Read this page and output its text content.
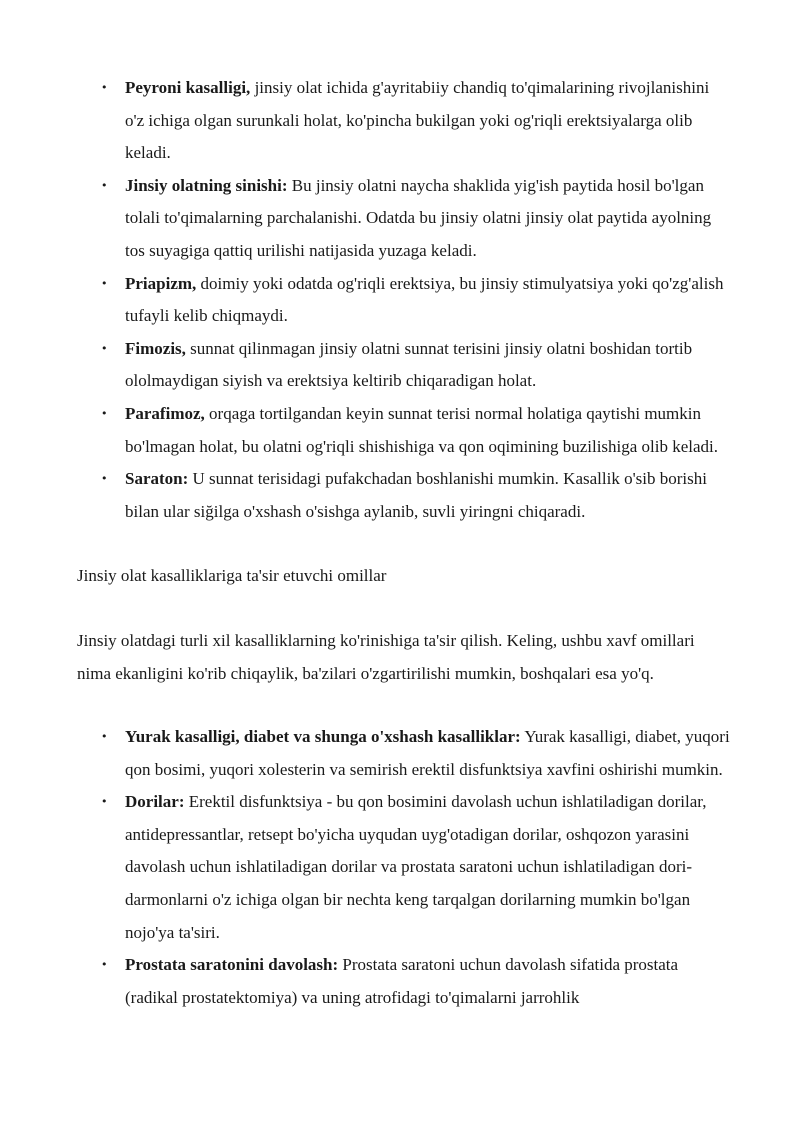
• Peyroni kasalligi, jinsiy olat ichida g'ayritabiiy chandiq to'qimalarining rivojlanishini o'z ichiga olgan surunkali holat, ko'pincha bukilgan yoki og'riqli erektsiyalarga olib keladi.
• Jinsiy olatning sinishi: Bu jinsiy olatni naycha shaklida yig'ish paytida hosil bo'lgan tolali to'qimalarning parchalanishi. Odatda bu jinsiy olatni jinsiy olat paytida ayolning tos suyagiga qattiq urilishi natijasida yuzaga keladi.
• Priapizm, doimiy yoki odatda og'riqli erektsiya, bu jinsiy stimulyatsiya yoki qo'zg'alish tufayli kelib chiqmaydi.
• Fimozis, sunnat qilinmagan jinsiy olatni sunnat terisini jinsiy olatni boshidan tortib ololmaydigan siyish va erektsiya keltirib chiqaradigan holat.
• Parafimoz, orqaga tortilgandan keyin sunnat terisi normal holatiga qaytishi mumkin bo'lmagan holat, bu olatni og'riqli shishishiga va qon oqimining buzilishiga olib keladi.
• Saraton: U sunnat terisidagi pufakchadan boshlanishi mumkin. Kasallik o'sib borishi bilan ular siğilga o'xshash o'sishga aylanib, suvli yiringni chiqaradi.

Jinsiy olat kasalliklariga ta'sir etuvchi omillar

Jinsiy olatdagi turli xil kasalliklarning ko'rinishiga ta'sir qilish. Keling, ushbu xavf omillari nima ekanligini ko'rib chiqaylik, ba'zilari o'zgartirilishi mumkin, boshqalari esa yo'q.

• Yurak kasalligi, diabet va shunga o'xshash kasalliklar: Yurak kasalligi, diabet, yuqori qon bosimi, yuqori xolesterin va semirish erektil disfunktsiya xavfini oshirishi mumkin.
• Dorilar: Erektil disfunktsiya - bu qon bosimini davolash uchun ishlatiladigan dorilar, antidepressantlar, retsept bo'yicha uyqudan uyg'otadigan dorilar, oshqozon yarasini davolash uchun ishlatiladigan dorilar va prostata saratoni uchun ishlatiladigan dori-darmonlarni o'z ichiga olgan bir nechta keng tarqalgan dorilarning mumkin bo'lgan nojo'ya ta'siri.
• Prostata saratonini davolash: Prostata saratoni uchun davolash sifatida prostata (radikal prostatektomiya) va uning atrofidagi to'qimalarni jarrohlik
